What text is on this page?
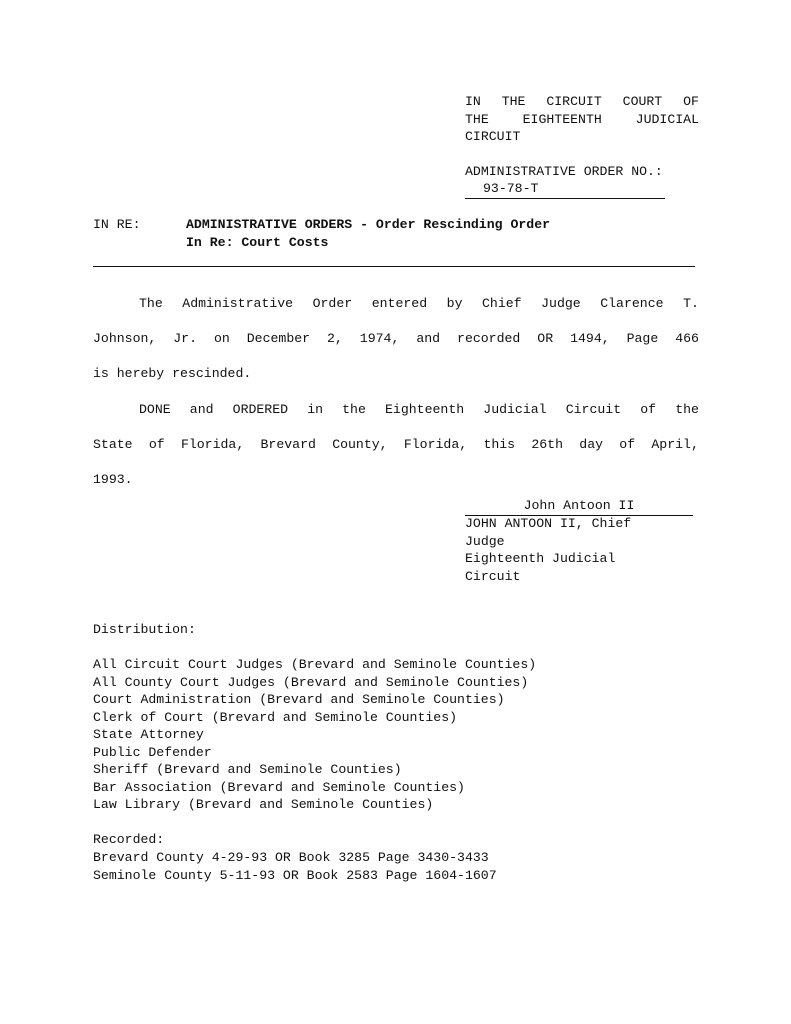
IN THE CIRCUIT COURT OF
THE	EIGHTEENTH	JUDICIAL
CIRCUIT
ADMINISTRATIVE ORDER NO.:
93-78-T
IN RE:	ADMINISTRATIVE ORDERS - Order Rescinding Order
In Re: Court Costs
The Administrative Order entered by Chief Judge Clarence T.
Johnson, Jr. on December 2, 1974, and recorded OR 1494, Page 466
is hereby rescinded.
DONE and ORDERED in the Eighteenth Judicial Circuit of the
State of Florida, Brevard County, Florida, this 26th day of April,
1993.
John Antoon II
JOHN ANTOON II, Chief
Judge
Eighteenth Judicial
Circuit
Distribution:
All Circuit Court Judges (Brevard and Seminole Counties)
All County Court Judges (Brevard and Seminole Counties)
Court Administration (Brevard and Seminole Counties)
Clerk of Court (Brevard and Seminole Counties)
State Attorney
Public Defender
Sheriff (Brevard and Seminole Counties)
Bar Association (Brevard and Seminole Counties)
Law Library (Brevard and Seminole Counties)
Recorded:
Brevard County 4-29-93 OR Book 3285 Page 3430-3433
Seminole County 5-11-93 OR Book 2583 Page 1604-1607
